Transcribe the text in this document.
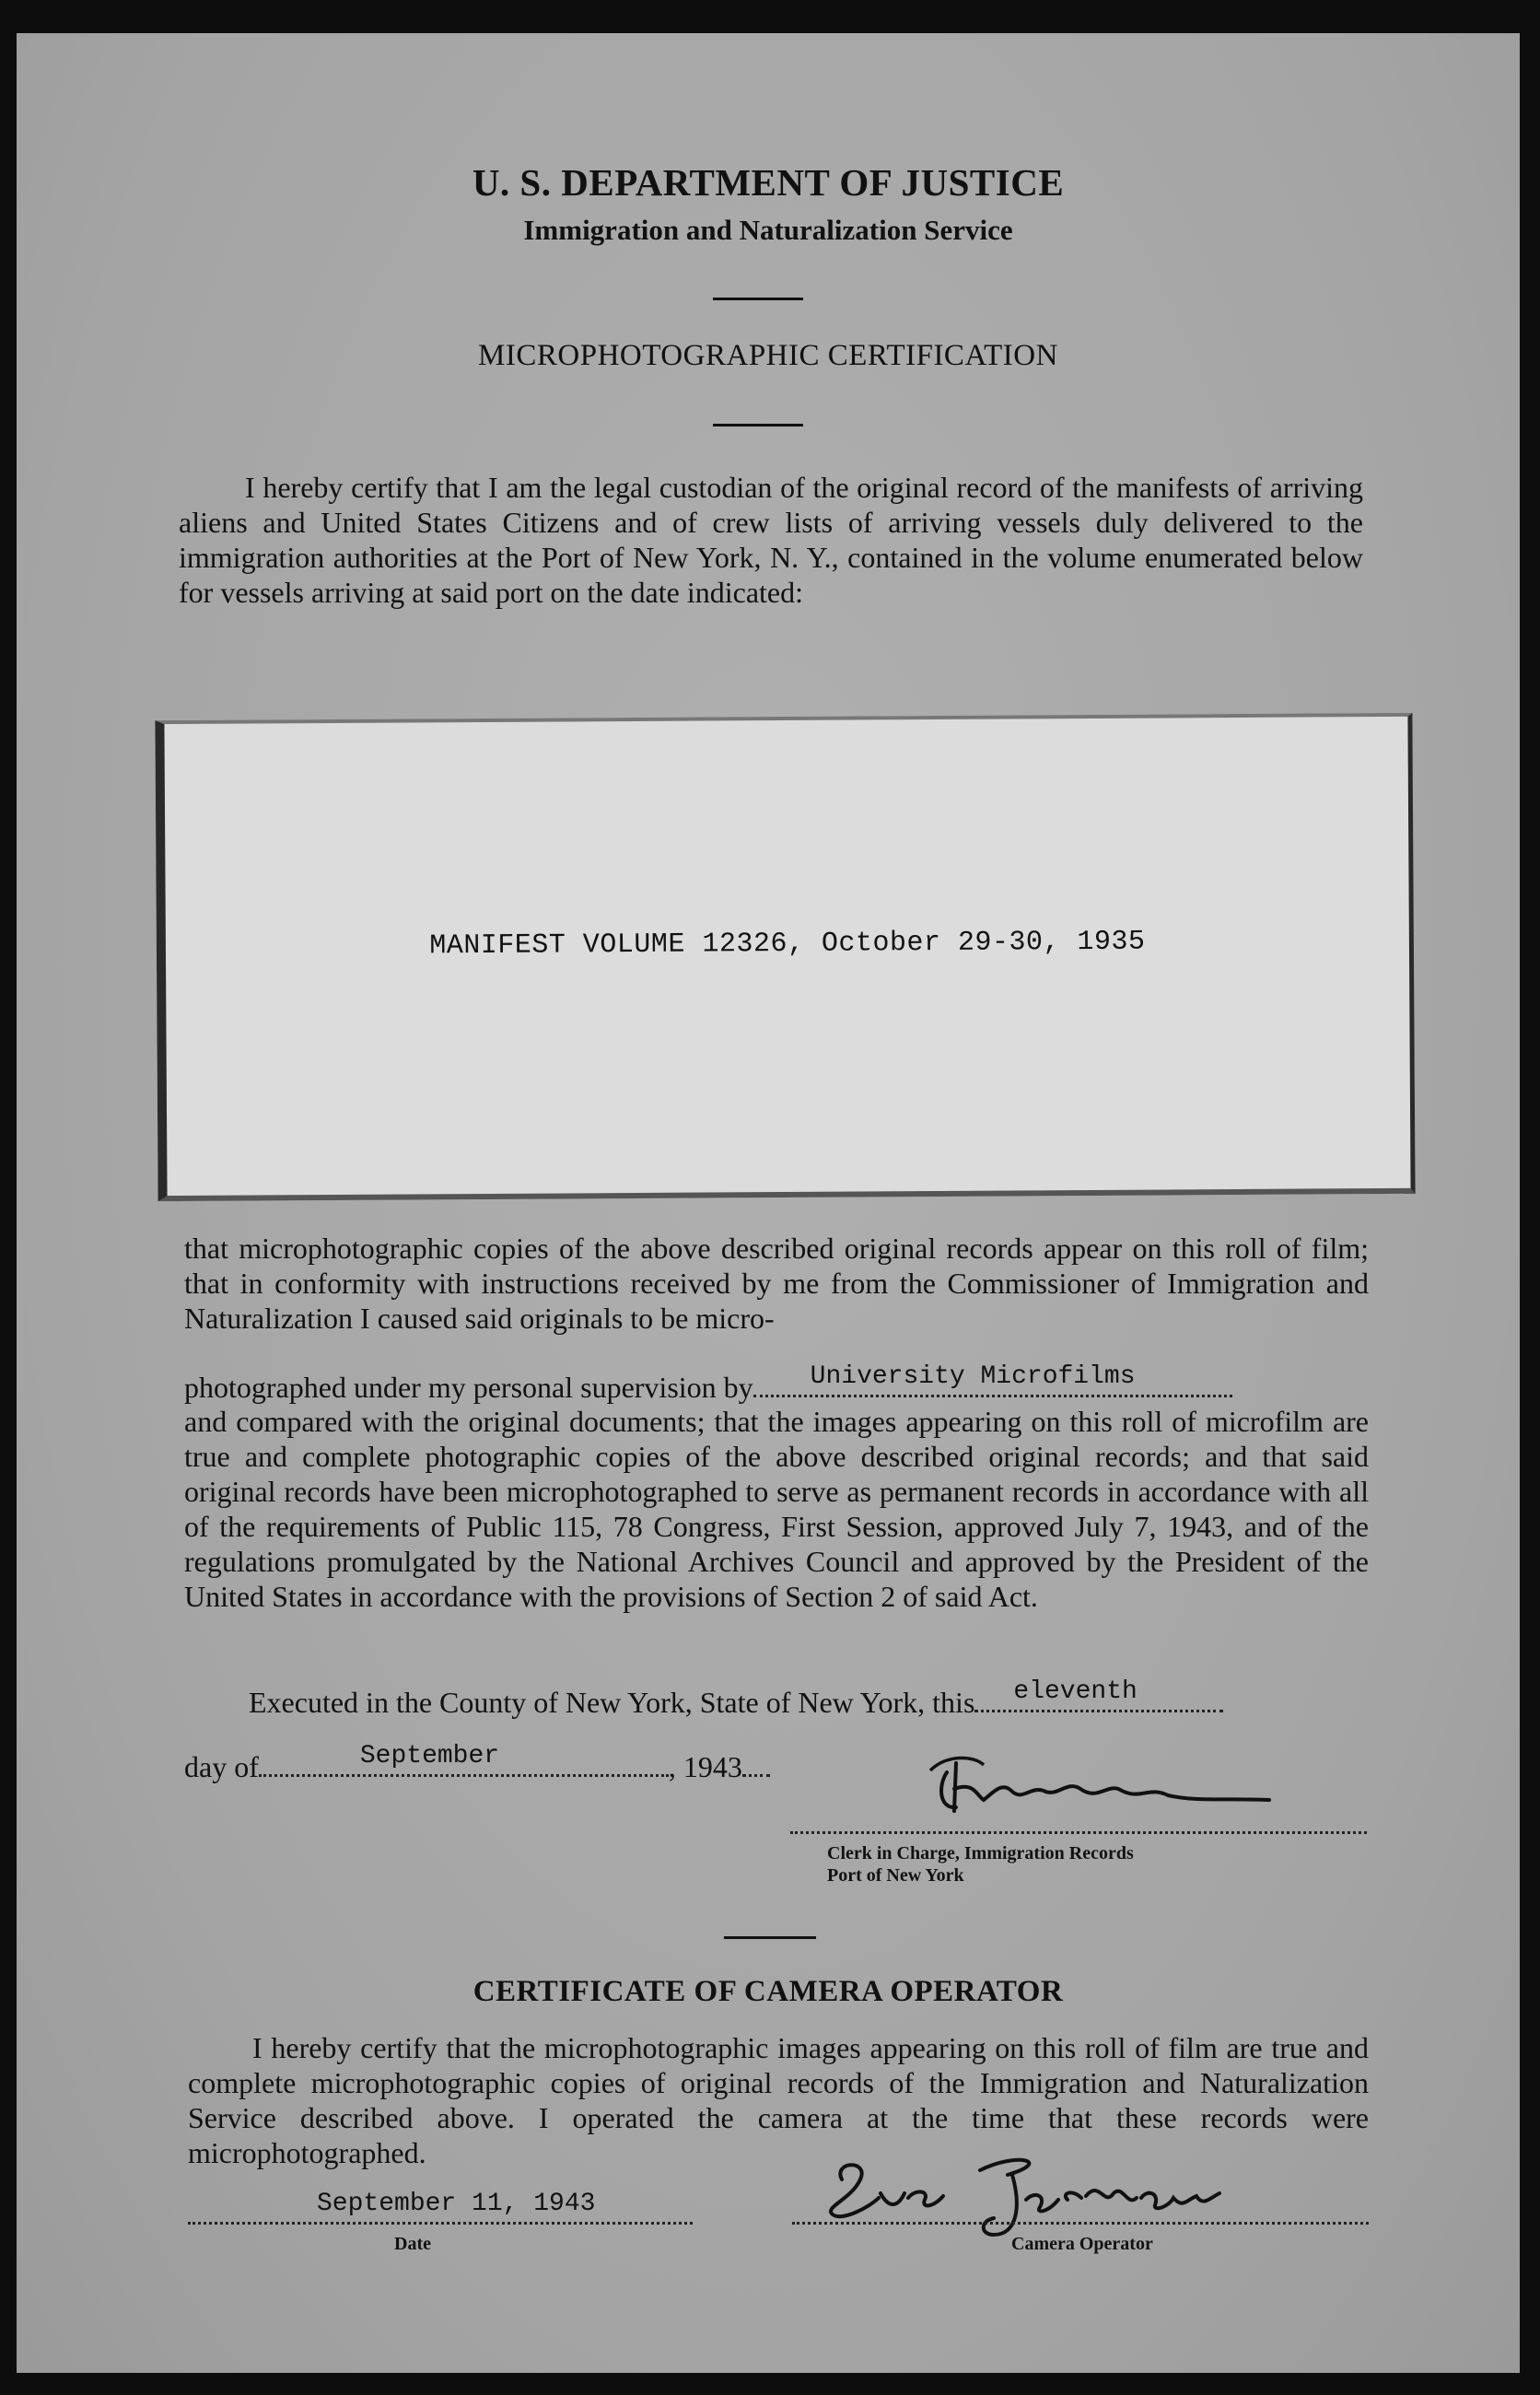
U. S. DEPARTMENT OF JUSTICE
Immigration and Naturalization Service
MICROPHOTOGRAPHIC CERTIFICATION
I hereby certify that I am the legal custodian of the original record of the manifests of arriving aliens and United States Citizens and of crew lists of arriving vessels duly delivered to the immigration authorities at the Port of New York, N. Y., contained in the volume enumerated below for vessels arriving at said port on the date indicated:
MANIFEST VOLUME 12326, October 29-30, 1935
that microphotographic copies of the above described original records appear on this roll of film; that in conformity with instructions received by me from the Commissioner of Immigration and Naturalization I caused said originals to be micro-
photographed under my personal supervision by University Microfilms
and compared with the original documents; that the images appearing on this roll of microfilm are true and complete photographic copies of the above described original records; and that said original records have been microphotographed to serve as permanent records in accordance with all of the requirements of Public 115, 78 Congress, First Session, approved July 7, 1943, and of the regulations promulgated by the National Archives Council and approved by the President of the United States in accordance with the provisions of Section 2 of said Act.
Executed in the County of New York, State of New York, this eleventh
day of	September	, 1943
Clerk in Charge, Immigration Records
Port of New York
CERTIFICATE OF CAMERA OPERATOR
I hereby certify that the microphotographic images appearing on this roll of film are true and complete microphotographic copies of original records of the Immigration and Naturalization Service described above. I operated the camera at the time that these records were microphotographed.
September 11, 1943
Date	Camera Operator
